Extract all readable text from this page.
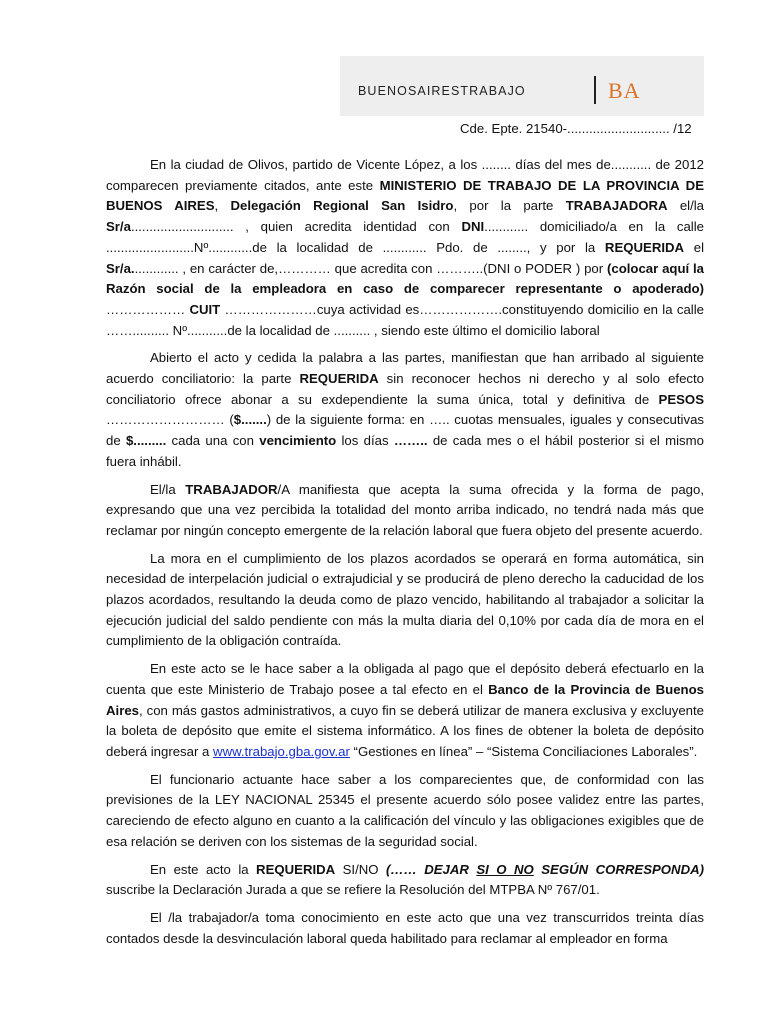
BUENOSAIRESTRABAJO	BA
Cde. Epte. 21540-............................ /12

En la ciudad de Olivos, partido de Vicente López, a los ........ días del mes de........... de 2012 comparecen previamente citados, ante este MINISTERIO DE TRABAJO DE LA PROVINCIA DE BUENOS AIRES, Delegación Regional San Isidro, por la parte TRABAJADORA el/la Sr/a............................ , quien acredita identidad con DNI............ domiciliado/a en la calle ........................Nº............de la localidad de ............ Pdo. de ........, y por la REQUERIDA el Sr/a............. , en carácter de,………… que acredita con ………..(DNI o PODER ) por (colocar aquí la Razón social de la empleadora en caso de comparecer representante o apoderado) ……………… CUIT …………………cuya actividad es……………….constituyendo domicilio en la calle …….......... Nº...........de la localidad de .......... , siendo este último el domicilio laboral

Abierto el acto y cedida la palabra a las partes, manifiestan que han arribado al siguiente acuerdo conciliatorio: la parte REQUERIDA sin reconocer hechos ni derecho y al solo efecto conciliatorio ofrece abonar a su exdependiente la suma única, total y definitiva de PESOS ……………………… ($.......) de la siguiente forma: en ….. cuotas mensuales, iguales y consecutivas de $......... cada una con vencimiento los días …….. de cada mes o el hábil posterior si el mismo fuera inhábil.

El/la TRABAJADOR/A manifiesta que acepta la suma ofrecida y la forma de pago, expresando que una vez percibida la totalidad del monto arriba indicado, no tendrá nada más que reclamar por ningún concepto emergente de la relación laboral que fuera objeto del presente acuerdo.

La mora en el cumplimiento de los plazos acordados se operará en forma automática, sin necesidad de interpelación judicial o extrajudicial y se producirá de pleno derecho la caducidad de los plazos acordados, resultando la deuda como de plazo vencido, habilitando al trabajador a solicitar la ejecución judicial del saldo pendiente con más la multa diaria del 0,10% por cada día de mora en el cumplimiento de la obligación contraída.

En este acto se le hace saber a la obligada al pago que el depósito deberá efectuarlo en la cuenta que este Ministerio de Trabajo posee a tal efecto en el Banco de la Provincia de Buenos Aires, con más gastos administrativos, a cuyo fin se deberá utilizar de manera exclusiva y excluyente la boleta de depósito que emite el sistema informático. A los fines de obtener la boleta de depósito deberá ingresar a www.trabajo.gba.gov.ar “Gestiones en línea” – “Sistema Conciliaciones Laborales”.

El funcionario actuante hace saber a los comparecientes que, de conformidad con las previsiones de la LEY NACIONAL 25345 el presente acuerdo sólo posee validez entre las partes, careciendo de efecto alguno en cuanto a la calificación del vínculo y las obligaciones exigibles que de esa relación se deriven con los sistemas de la seguridad social.

En este acto la REQUERIDA SI/NO (…… DEJAR SI O NO SEGÚN CORRESPONDA) suscribe la Declaración Jurada a que se refiere la Resolución del MTPBA Nº 767/01.

El /la trabajador/a toma conocimiento en este acto que una vez transcurridos treinta días contados desde la desvinculación laboral queda habilitado para reclamar al empleador en forma
